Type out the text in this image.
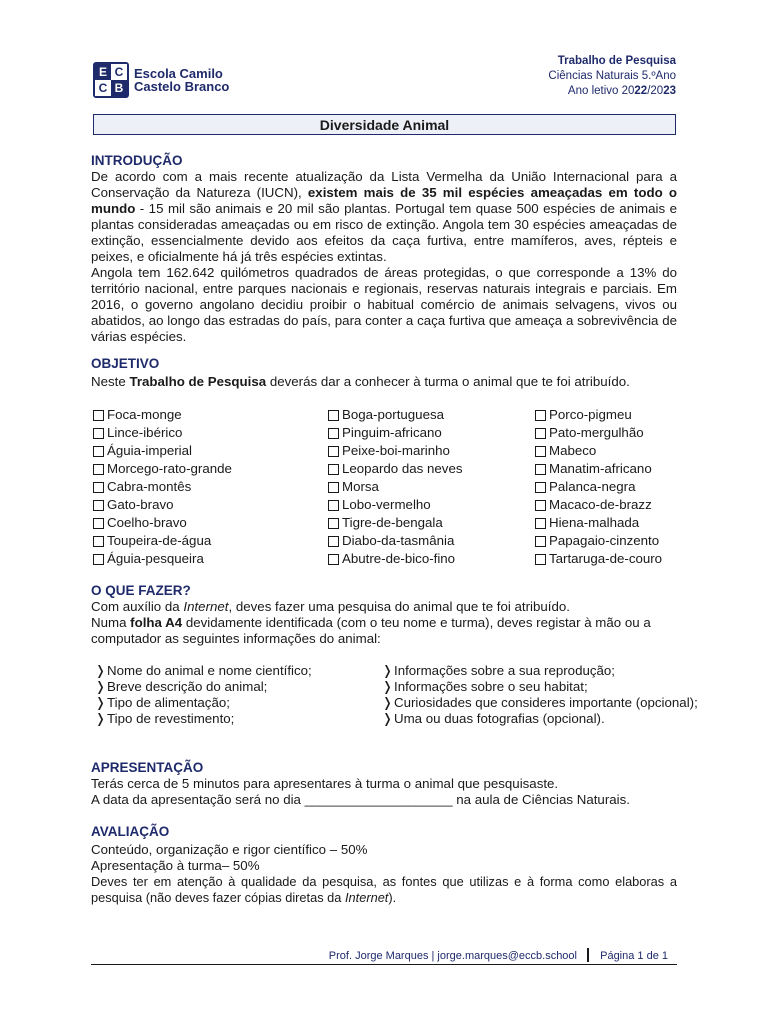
E C
C B
Escola Camilo
Castelo Branco
Trabalho de Pesquisa
Ciências Naturais 5.ºAno
Ano letivo 2022/2023
Diversidade Animal
INTRODUÇÃO
De acordo com a mais recente atualização da Lista Vermelha da União Internacional para a Conservação da Natureza (IUCN), existem mais de 35 mil espécies ameaçadas em todo o mundo - 15 mil são animais e 20 mil são plantas. Portugal tem quase 500 espécies de animais e plantas consideradas ameaçadas ou em risco de extinção. Angola tem 30 espécies ameaçadas de extinção, essencialmente devido aos efeitos da caça furtiva, entre mamíferos, aves, répteis e peixes, e oficialmente há já três espécies extintas.
Angola tem 162.642 quilómetros quadrados de áreas protegidas, o que corresponde a 13% do território nacional, entre parques nacionais e regionais, reservas naturais integrais e parciais. Em 2016, o governo angolano decidiu proibir o habitual comércio de animais selvagens, vivos ou abatidos, ao longo das estradas do país, para conter a caça furtiva que ameaça a sobrevivência de várias espécies.
OBJETIVO
Neste Trabalho de Pesquisa deverás dar a conhecer à turma o animal que te foi atribuído.
Foca-monge
Lince-ibérico
Águia-imperial
Morcego-rato-grande
Cabra-montês
Gato-bravo
Coelho-bravo
Toupeira-de-água
Águia-pesqueira
Boga-portuguesa
Pinguim-africano
Peixe-boi-marinho
Leopardo das neves
Morsa
Lobo-vermelho
Tigre-de-bengala
Diabo-da-tasmânia
Abutre-de-bico-fino
Porco-pigmeu
Pato-mergulhão
Mabeco
Manatim-africano
Palanca-negra
Macaco-de-brazz
Hiena-malhada
Papagaio-cinzento
Tartaruga-de-couro
O QUE FAZER?
Com auxílio da Internet, deves fazer uma pesquisa do animal que te foi atribuído.
Numa folha A4 devidamente identificada (com o teu nome e turma), deves registar à mão ou a computador as seguintes informações do animal:
❭ Nome do animal e nome científico;
❭ Breve descrição do animal;
❭ Tipo de alimentação;
❭ Tipo de revestimento;
❭ Informações sobre a sua reprodução;
❭ Informações sobre o seu habitat;
❭ Curiosidades que consideres importante (opcional);
❭ Uma ou duas fotografias (opcional).
APRESENTAÇÃO
Terás cerca de 5 minutos para apresentares à turma o animal que pesquisaste.
A data da apresentação será no dia ____________________ na aula de Ciências Naturais.
AVALIAÇÃO
Conteúdo, organização e rigor científico – 50%
Apresentação à turma– 50%
Deves ter em atenção à qualidade da pesquisa, as fontes que utilizas e à forma como elaboras a pesquisa (não deves fazer cópias diretas da Internet).
Prof. Jorge Marques | jorge.marques@eccb.school Página 1 de 1
